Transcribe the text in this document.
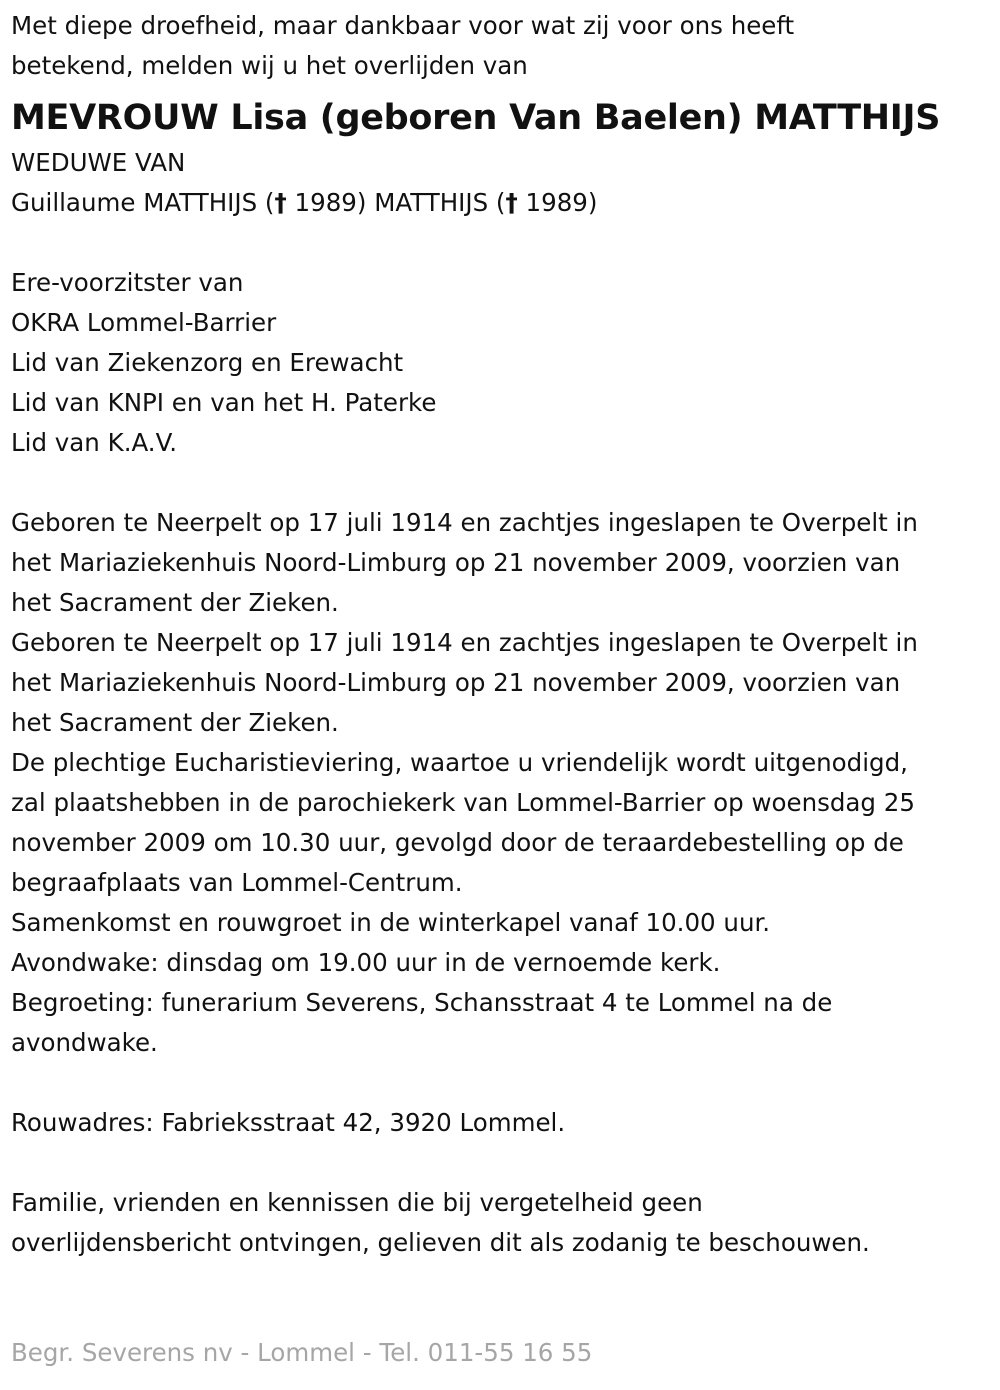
Met diepe droefheid, maar dankbaar voor wat zij voor ons heeft
betekend, melden wij u het overlijden van
MEVROUW Lisa (geboren Van Baelen) MATTHIJS
WEDUWE VAN
Guillaume MATTHIJS († 1989) MATTHIJS († 1989)
Ere-voorzitster van
OKRA Lommel-Barrier
Lid van Ziekenzorg en Erewacht
Lid van KNPI en van het H. Paterke
Lid van K.A.V.
Geboren te Neerpelt op 17 juli 1914 en zachtjes ingeslapen te Overpelt in
het Mariaziekenhuis Noord-Limburg op 21 november 2009, voorzien van
het Sacrament der Zieken.
Geboren te Neerpelt op 17 juli 1914 en zachtjes ingeslapen te Overpelt in
het Mariaziekenhuis Noord-Limburg op 21 november 2009, voorzien van
het Sacrament der Zieken.
De plechtige Eucharistieviering, waartoe u vriendelijk wordt uitgenodigd,
zal plaatshebben in de parochiekerk van Lommel-Barrier op woensdag 25
november 2009 om 10.30 uur, gevolgd door de teraardebestelling op de
begraafplaats van Lommel-Centrum.
Samenkomst en rouwgroet in de winterkapel vanaf 10.00 uur.
Avondwake: dinsdag om 19.00 uur in de vernoemde kerk.
Begroeting: funerarium Severens, Schansstraat 4 te Lommel na de
avondwake.
Rouwadres: Fabrieksstraat 42, 3920 Lommel.
Familie, vrienden en kennissen die bij vergetelheid geen
overlijdensbericht ontvingen, gelieven dit als zodanig te beschouwen.
Begr. Severens nv - Lommel - Tel. 011-55 16 55
